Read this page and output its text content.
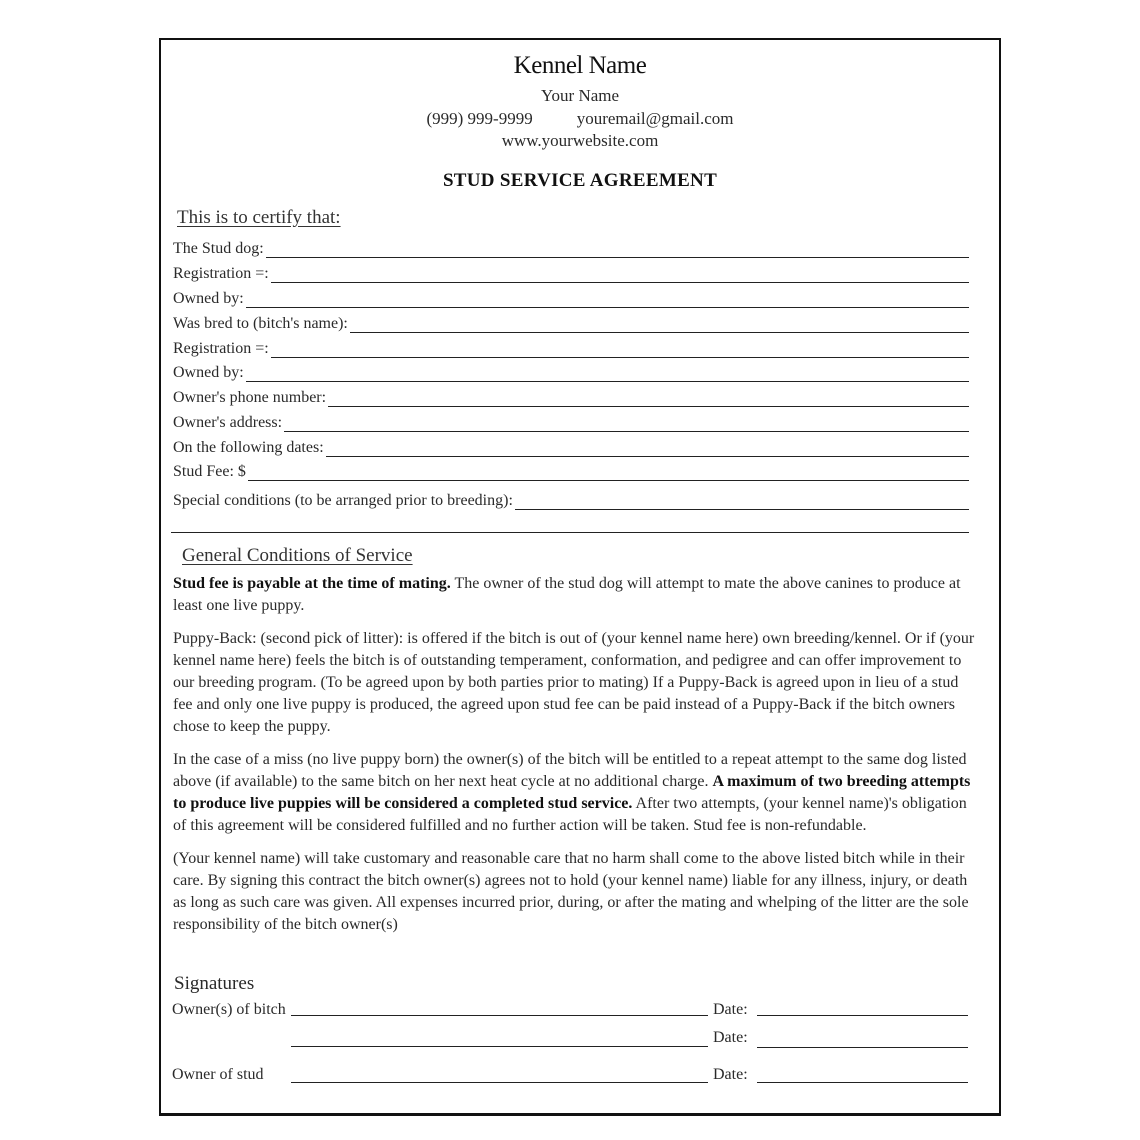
Kennel Name
Your Name
(999) 999-9999	youremail@gmail.com
www.yourwebsite.com
STUD SERVICE AGREEMENT
This is to certify that:
The Stud dog:
Registration =:
Owned by:
Was bred to (bitch's name):
Registration =:
Owned by:
Owner's phone number:
Owner's address:
On the following dates:
Stud Fee: $
Special conditions (to be arranged prior to breeding):
General Conditions of Service

Stud fee is payable at the time of mating. The owner of the stud dog will attempt to mate the above canines to produce at least one live puppy.

Puppy-Back: (second pick of litter): is offered if the bitch is out of (your kennel name here) own breeding/kennel. Or if (your kennel name here) feels the bitch is of outstanding temperament, conformation, and pedigree and can offer improvement to our breeding program. (To be agreed upon by both parties prior to mating) If a Puppy-Back is agreed upon in lieu of a stud fee and only one live puppy is produced, the agreed upon stud fee can be paid instead of a Puppy-Back if the bitch owners chose to keep the puppy.

In the case of a miss (no live puppy born) the owner(s) of the bitch will be entitled to a repeat attempt to the same dog listed above (if available) to the same bitch on her next heat cycle at no additional charge. A maximum of two breeding attempts to produce live puppies will be considered a completed stud service. After two attempts, (your kennel name)'s obligation of this agreement will be considered fulfilled and no further action will be taken. Stud fee is non-refundable.

(Your kennel name) will take customary and reasonable care that no harm shall come to the above listed bitch while in their care. By signing this contract the bitch owner(s) agrees not to hold (your kennel name) liable for any illness, injury, or death as long as such care was given. All expenses incurred prior, during, or after the mating and whelping of the litter are the sole responsibility of the bitch owner(s)

Signatures
Owner(s) of bitch	Date:
Date:
Owner of stud	Date:
